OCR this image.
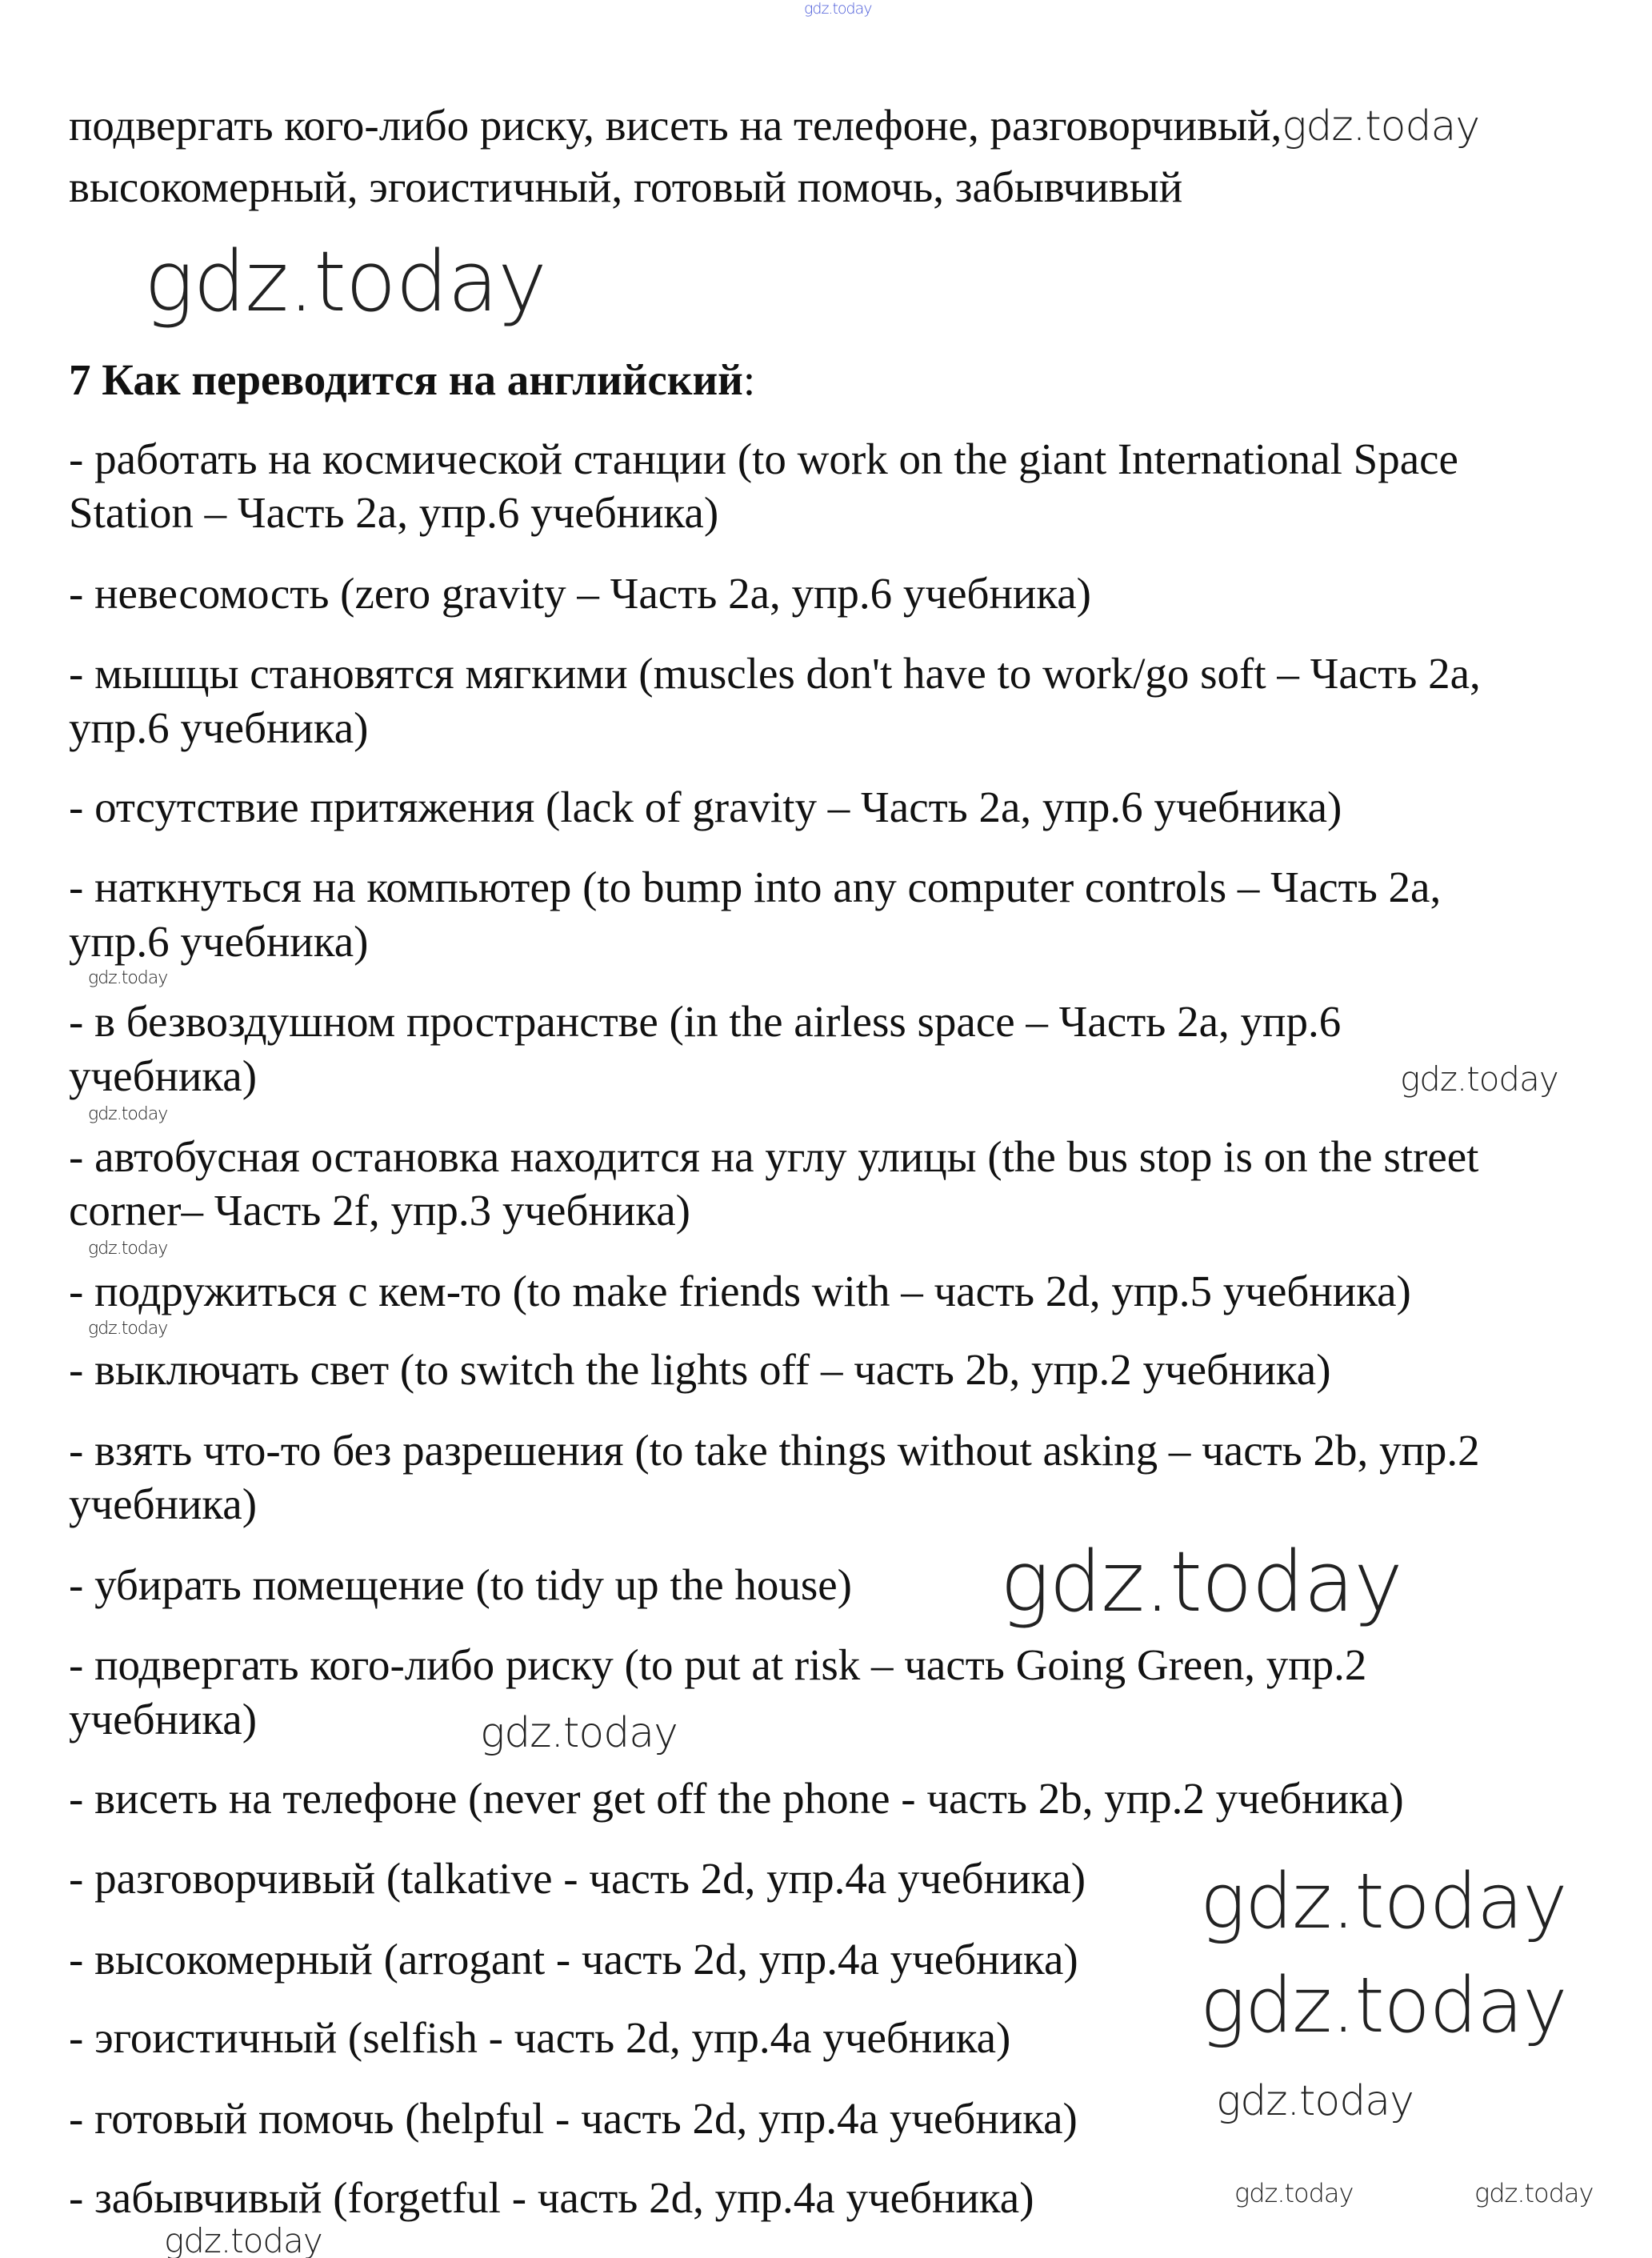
gdz.today
подвергать кого-либо риску, висеть на телефоне, разговорчивый,gdz.today
высокомерный, эгоистичный, готовый помочь, забывчивый
gdz.today
7 Как переводится на английский:
- работать на космической станции (to work on the giant International Space
Station – Часть 2a, упр.6 учебника)
- невесомость (zero gravity – Часть 2a, упр.6 учебника)
- мышцы становятся мягкими (muscles don't have to work/go soft – Часть 2a,
упр.6 учебника)
- отсутствие притяжения (lack of gravity – Часть 2a, упр.6 учебника)
- наткнуться на компьютер (to bump into any computer controls – Часть 2a,
упр.6 учебника)
- в безвоздушном пространстве (in the airless space – Часть 2a, упр.6
учебника)
- автобусная остановка находится на углу улицы (the bus stop is on the street
corner– Часть 2f, упр.3 учебника)
- подружиться с кем-то (to make friends with – часть 2d, упр.5 учебника)
- выключать свет (to switch the lights off – часть 2b, упр.2 учебника)
- взять что-то без разрешения (to take things without asking – часть 2b, упр.2
учебника)
- убирать помещение (to tidy up the house)
- подвергать кого-либо риску (to put at risk – часть Going Green, упр.2
учебника)
- висеть на телефоне (never get off the phone - часть 2b, упр.2 учебника)
- разговорчивый (talkative - часть 2d, упр.4a учебника)
- высокомерный (arrogant - часть 2d, упр.4a учебника)
- эгоистичный (selfish - часть 2d, упр.4a учебника)
- готовый помочь (helpful - часть 2d, упр.4a учебника)
- забывчивый (forgetful - часть 2d, упр.4a учебника)
gdz.today
gdz.today
gdz.today
gdz.today
gdz.today
gdz.today
gdz.today
gdz.today
gdz.today
gdz.today
gdz.today
gdz.today	gdz.today
